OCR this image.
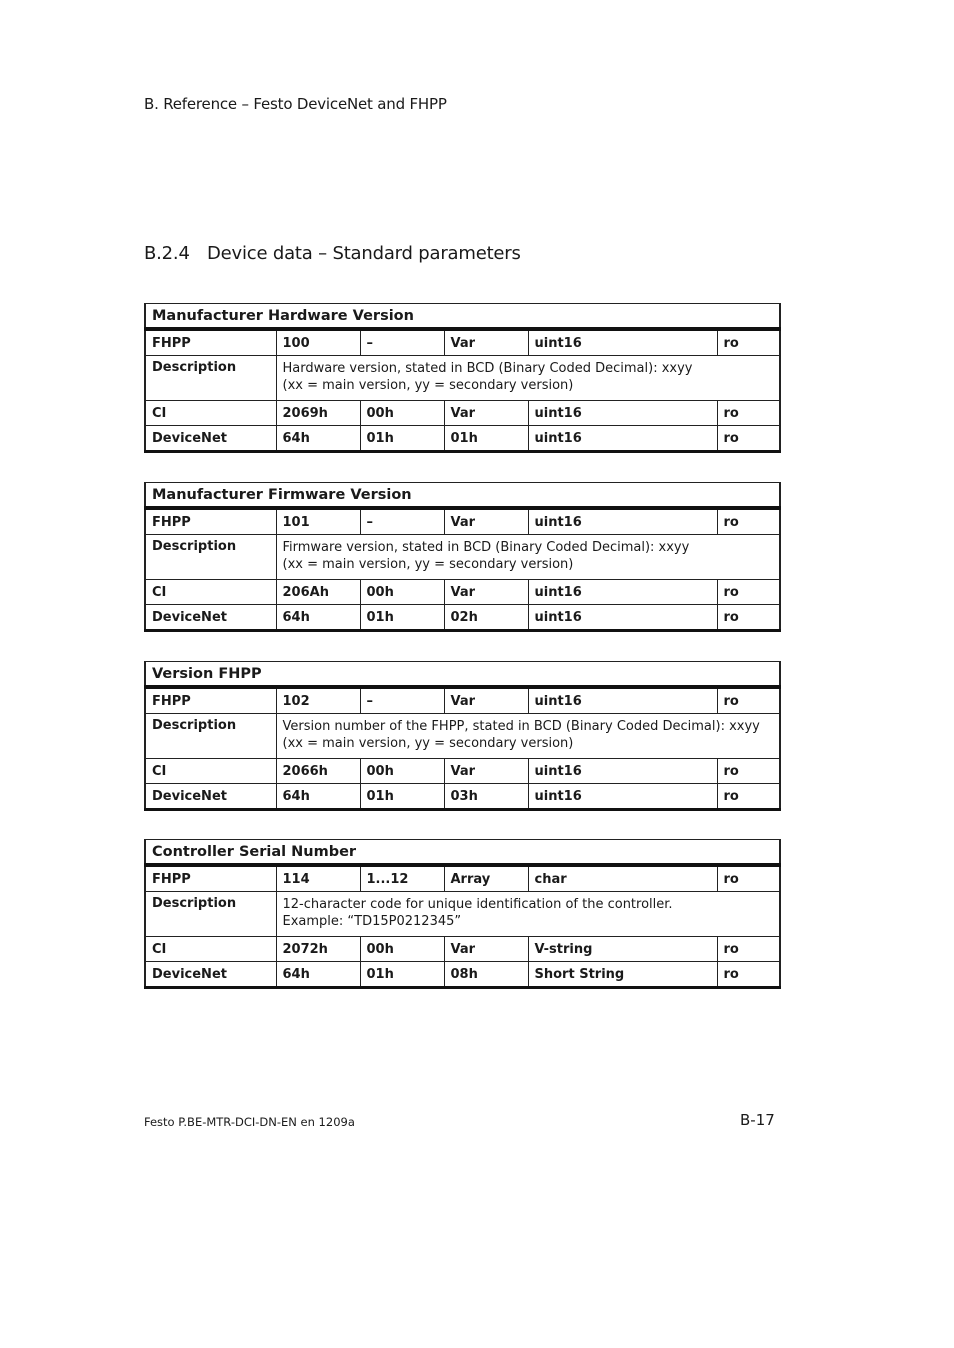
B. Reference – Festo DeviceNet and FHPP
B.2.4 Device data – Standard parameters
Manufacturer Hardware Version					
FHPP	100	–	Var	uint16	ro
Description	Hardware version, stated in BCD (Binary Coded Decimal): xxyy
(xx = main version, yy = secondary version)				

CI	2069h	00h	Var	uint16	ro
DeviceNet	64h	01h	01h	uint16	ro
Manufacturer Firmware Version					
FHPP	101	–	Var	uint16	ro
Description	Firmware version, stated in BCD (Binary Coded Decimal): xxyy
(xx = main version, yy = secondary version)				

CI	206Ah	00h	Var	uint16	ro
DeviceNet	64h	01h	02h	uint16	ro
Version FHPP					
FHPP	102	–	Var	uint16	ro
Description	Version number of the FHPP, stated in BCD (Binary Coded Decimal): xxyy
(xx = main version, yy = secondary version)				

CI	2066h	00h	Var	uint16	ro
DeviceNet	64h	01h	03h	uint16	ro
Controller Serial Number					
FHPP	114	1...12	Array	char	ro
Description	12-character code for unique identification of the controller.
Example: “TD15P0212345”				

CI	2072h	00h	Var	V-string	ro
DeviceNet	64h	01h	08h	Short String	ro
Festo P.BE-MTR-DCI-DN-EN en 1209a	B-17
